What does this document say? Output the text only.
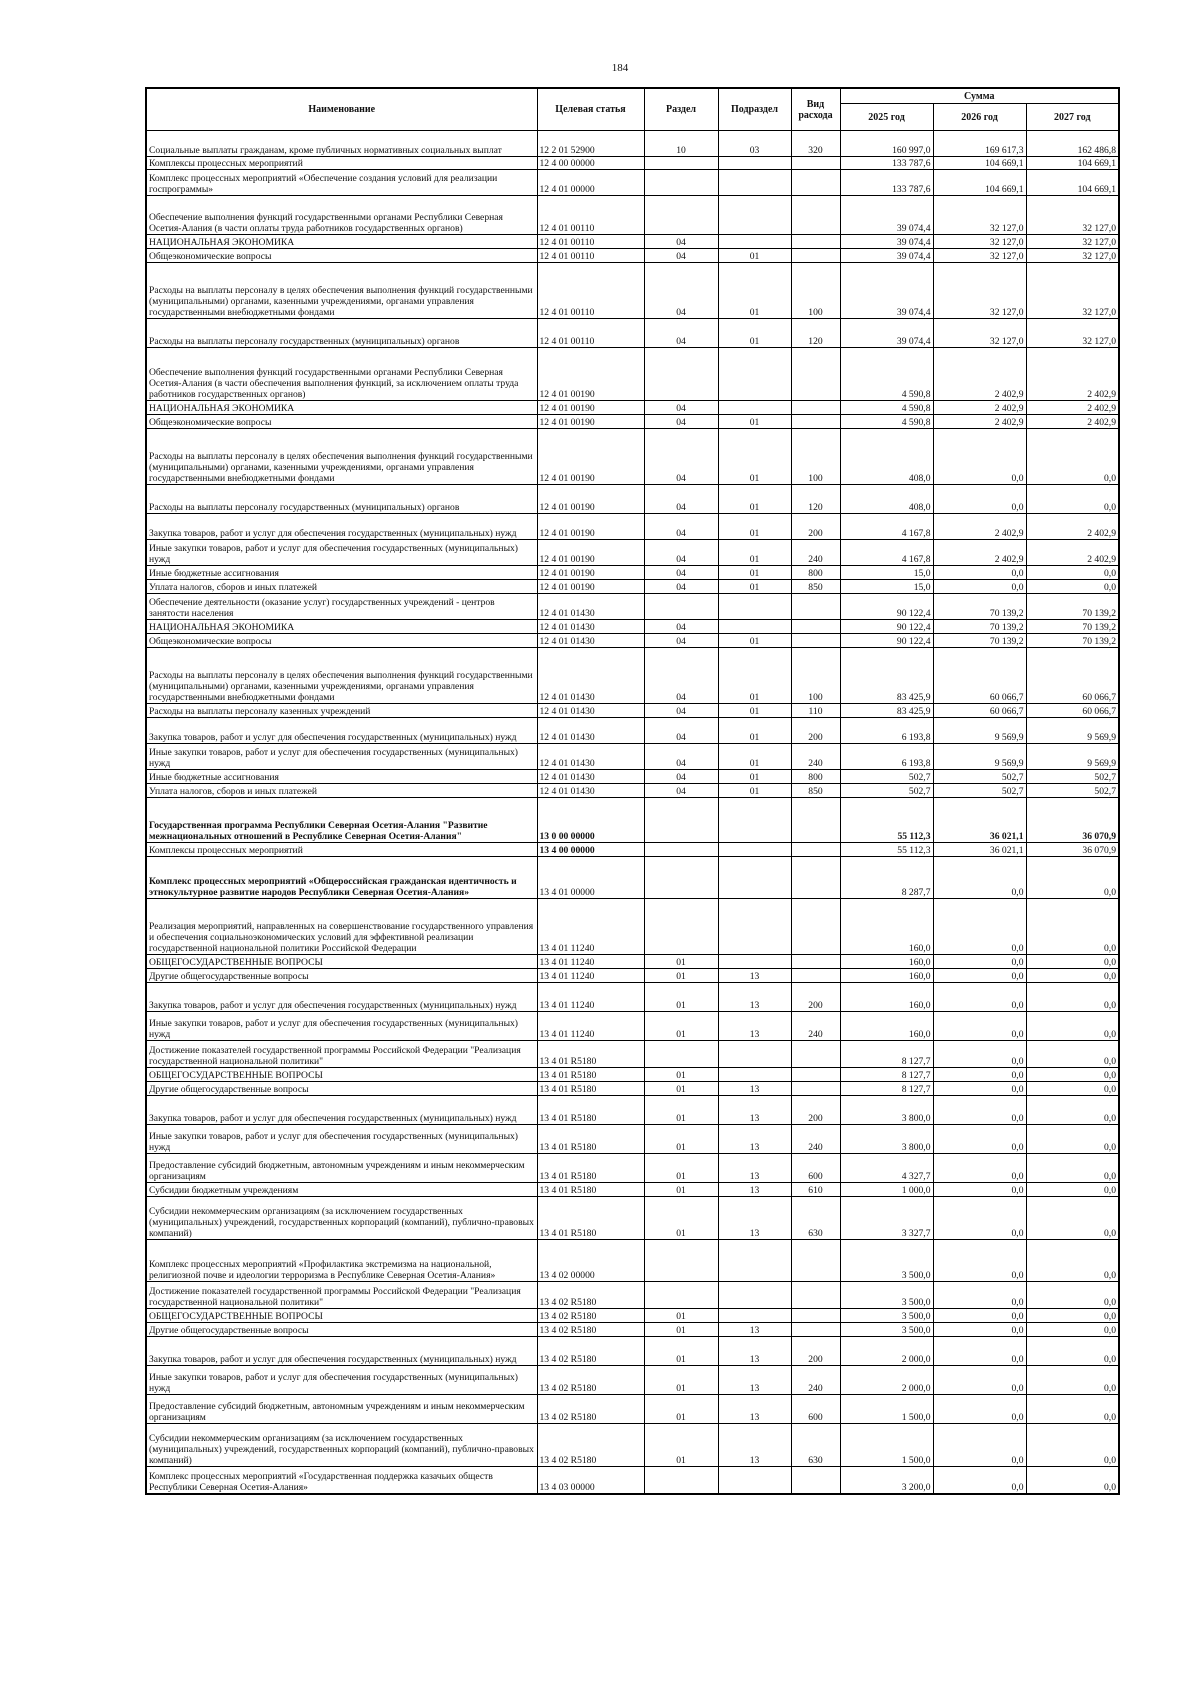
184
Наименование	Целевая статья	Раздел	Подраздел	Вид расхода	Сумма		
					2025 год	2026 год	2027 год
Социальные выплаты гражданам, кроме публичных нормативных социальных выплат	12 2 01 52900	10	03	320	160 997,0	169 617,3	162 486,8
Комплексы процессных мероприятий	12 4 00 00000				133 787,6	104 669,1	104 669,1
Комплекс процессных мероприятий «Обеспечение создания условий для реализации госпрограммы»	12 4 01 00000				133 787,6	104 669,1	104 669,1
Обеспечение выполнения функций государственными органами Республики Северная Осетия-Алания (в части оплаты труда работников государственных органов)	12 4 01 00110				39 074,4	32 127,0	32 127,0
НАЦИОНАЛЬНАЯ ЭКОНОМИКА	12 4 01 00110	04			39 074,4	32 127,0	32 127,0
Общеэкономические вопросы	12 4 01 00110	04	01		39 074,4	32 127,0	32 127,0
Расходы на выплаты персоналу в целях обеспечения выполнения функций государственными (муниципальными) органами, казенными учреждениями, органами управления государственными внебюджетными фондами	12 4 01 00110	04	01	100	39 074,4	32 127,0	32 127,0
Расходы на выплаты персоналу государственных (муниципальных) органов	12 4 01 00110	04	01	120	39 074,4	32 127,0	32 127,0
Обеспечение выполнения функций государственными органами Республики Северная Осетия-Алания (в части обеспечения выполнения функций, за исключением оплаты труда работников государственных органов)	12 4 01 00190				4 590,8	2 402,9	2 402,9
НАЦИОНАЛЬНАЯ ЭКОНОМИКА	12 4 01 00190	04			4 590,8	2 402,9	2 402,9
Общеэкономические вопросы	12 4 01 00190	04	01		4 590,8	2 402,9	2 402,9
Расходы на выплаты персоналу в целях обеспечения выполнения функций государственными (муниципальными) органами, казенными учреждениями, органами управления государственными внебюджетными фондами	12 4 01 00190	04	01	100	408,0	0,0	0,0
Расходы на выплаты персоналу государственных (муниципальных) органов	12 4 01 00190	04	01	120	408,0	0,0	0,0
Закупка товаров, работ и услуг для обеспечения государственных (муниципальных) нужд	12 4 01 00190	04	01	200	4 167,8	2 402,9	2 402,9
Иные закупки товаров, работ и услуг для обеспечения государственных (муниципальных) нужд	12 4 01 00190	04	01	240	4 167,8	2 402,9	2 402,9
Иные бюджетные ассигнования	12 4 01 00190	04	01	800	15,0	0,0	0,0
Уплата налогов, сборов и иных платежей	12 4 01 00190	04	01	850	15,0	0,0	0,0
Обеспечение деятельности (оказание услуг) государственных учреждений - центров занятости населения	12 4 01 01430				90 122,4	70 139,2	70 139,2
НАЦИОНАЛЬНАЯ ЭКОНОМИКА	12 4 01 01430	04			90 122,4	70 139,2	70 139,2
Общеэкономические вопросы	12 4 01 01430	04	01		90 122,4	70 139,2	70 139,2
Расходы на выплаты персоналу в целях обеспечения выполнения функций государственными (муниципальными) органами, казенными учреждениями, органами управления государственными внебюджетными фондами	12 4 01 01430	04	01	100	83 425,9	60 066,7	60 066,7
Расходы на выплаты персоналу казенных учреждений	12 4 01 01430	04	01	110	83 425,9	60 066,7	60 066,7
Закупка товаров, работ и услуг для обеспечения государственных (муниципальных) нужд	12 4 01 01430	04	01	200	6 193,8	9 569,9	9 569,9
Иные закупки товаров, работ и услуг для обеспечения государственных (муниципальных) нужд	12 4 01 01430	04	01	240	6 193,8	9 569,9	9 569,9
Иные бюджетные ассигнования	12 4 01 01430	04	01	800	502,7	502,7	502,7
Уплата налогов, сборов и иных платежей	12 4 01 01430	04	01	850	502,7	502,7	502,7
Государственная программа Республики Северная Осетия-Алания "Развитие межнациональных отношений в Республике Северная Осетия-Алания"	13 0 00 00000				55 112,3	36 021,1	36 070,9
Комплексы процессных мероприятий	13 4 00 00000				55 112,3	36 021,1	36 070,9
Комплекс процессных мероприятий «Общероссийская гражданская идентичность и этнокультурное развитие народов Республики Северная Осетия-Алания»	13 4 01 00000				8 287,7	0,0	0,0
Реализация мероприятий, направленных на совершенствование государственного управления и обеспечения социальноэкономических условий для эффективной реализации государственной национальной политики Российской Федерации	13 4 01 11240				160,0	0,0	0,0
ОБЩЕГОСУДАРСТВЕННЫЕ ВОПРОСЫ	13 4 01 11240	01			160,0	0,0	0,0
Другие общегосударственные вопросы	13 4 01 11240	01	13		160,0	0,0	0,0
Закупка товаров, работ и услуг для обеспечения государственных (муниципальных) нужд	13 4 01 11240	01	13	200	160,0	0,0	0,0
Иные закупки товаров, работ и услуг для обеспечения государственных (муниципальных) нужд	13 4 01 11240	01	13	240	160,0	0,0	0,0
Достижение показателей государственной программы Российской Федерации "Реализация государственной национальной политики"	13 4 01 R5180				8 127,7	0,0	0,0
ОБЩЕГОСУДАРСТВЕННЫЕ ВОПРОСЫ	13 4 01 R5180	01			8 127,7	0,0	0,0
Другие общегосударственные вопросы	13 4 01 R5180	01	13		8 127,7	0,0	0,0
Закупка товаров, работ и услуг для обеспечения государственных (муниципальных) нужд	13 4 01 R5180	01	13	200	3 800,0	0,0	0,0
Иные закупки товаров, работ и услуг для обеспечения государственных (муниципальных) нужд	13 4 01 R5180	01	13	240	3 800,0	0,0	0,0
Предоставление субсидий бюджетным, автономным учреждениям и иным некоммерческим организациям	13 4 01 R5180	01	13	600	4 327,7	0,0	0,0
Субсидии бюджетным учреждениям	13 4 01 R5180	01	13	610	1 000,0	0,0	0,0
Субсидии некоммерческим организациям (за исключением государственных (муниципальных) учреждений, государственных корпораций (компаний), публично-правовых компаний)	13 4 01 R5180	01	13	630	3 327,7	0,0	0,0
Комплекс процессных мероприятий «Профилактика экстремизма на национальной, религиозной почве и идеологии терроризма в Республике Северная Осетия-Алания»	13 4 02 00000				3 500,0	0,0	0,0
Достижение показателей государственной программы Российской Федерации "Реализация государственной национальной политики"	13 4 02 R5180				3 500,0	0,0	0,0
ОБЩЕГОСУДАРСТВЕННЫЕ ВОПРОСЫ	13 4 02 R5180	01			3 500,0	0,0	0,0
Другие общегосударственные вопросы	13 4 02 R5180	01	13		3 500,0	0,0	0,0
Закупка товаров, работ и услуг для обеспечения государственных (муниципальных) нужд	13 4 02 R5180	01	13	200	2 000,0	0,0	0,0
Иные закупки товаров, работ и услуг для обеспечения государственных (муниципальных) нужд	13 4 02 R5180	01	13	240	2 000,0	0,0	0,0
Предоставление субсидий бюджетным, автономным учреждениям и иным некоммерческим организациям	13 4 02 R5180	01	13	600	1 500,0	0,0	0,0
Субсидии некоммерческим организациям (за исключением государственных (муниципальных) учреждений, государственных корпораций (компаний), публично-правовых компаний)	13 4 02 R5180	01	13	630	1 500,0	0,0	0,0
Комплекс процессных мероприятий «Государственная поддержка казачьих обществ Республики Северная Осетия-Алания»	13 4 03 00000				3 200,0	0,0	0,0
